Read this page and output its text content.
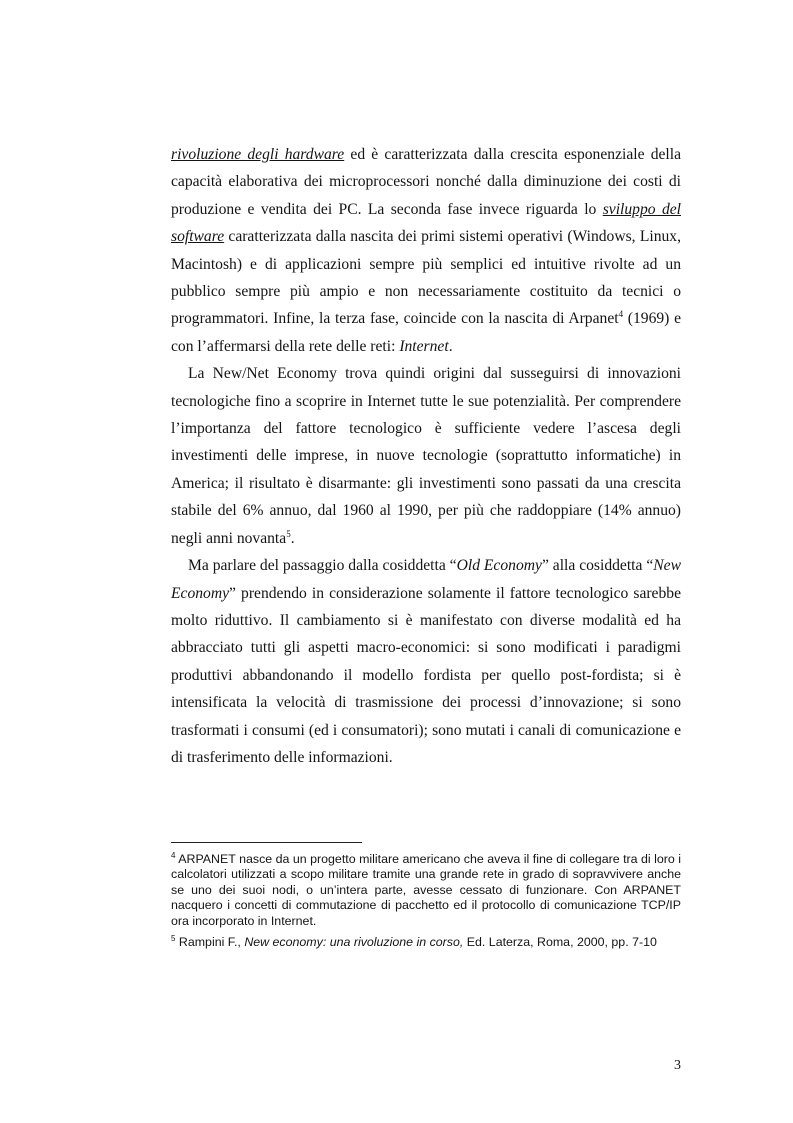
rivoluzione degli hardware ed è caratterizzata dalla crescita esponenziale della capacità elaborativa dei microprocessori nonché dalla diminuzione dei costi di produzione e vendita dei PC. La seconda fase invece riguarda lo sviluppo del software caratterizzata dalla nascita dei primi sistemi operativi (Windows, Linux, Macintosh) e di applicazioni sempre più semplici ed intuitive rivolte ad un pubblico sempre più ampio e non necessariamente costituito da tecnici o programmatori. Infine, la terza fase, coincide con la nascita di Arpanet$^4$ (1969) e con l’affermarsi della rete delle reti: Internet.

La New/Net Economy trova quindi origini dal susseguirsi di innovazioni tecnologiche fino a scoprire in Internet tutte le sue potenzialità. Per comprendere l’importanza del fattore tecnologico è sufficiente vedere l’ascesa degli investimenti delle imprese, in nuove tecnologie (soprattutto informatiche) in America; il risultato è disarmante: gli investimenti sono passati da una crescita stabile del 6% annuo, dal 1960 al 1990, per più che raddoppiare (14% annuo) negli anni novanta$^5$.

Ma parlare del passaggio dalla cosiddetta “Old Economy” alla cosiddetta “New Economy” prendendo in considerazione solamente il fattore tecnologico sarebbe molto riduttivo. Il cambiamento si è manifestato con diverse modalità ed ha abbracciato tutti gli aspetti macro-economici: si sono modificati i paradigmi produttivi abbandonando il modello fordista per quello post-fordista; si è intensificata la velocità di trasmissione dei processi d’innovazione; si sono trasformati i consumi (ed i consumatori); sono mutati i canali di comunicazione e di trasferimento delle informazioni.

$^4$ ARPANET nasce da un progetto militare americano che aveva il fine di collegare tra di loro i calcolatori utilizzati a scopo militare tramite una grande rete in grado di sopravvivere anche se uno dei suoi nodi, o un’intera parte, avesse cessato di funzionare. Con ARPANET nacquero i concetti di commutazione di pacchetto ed il protocollo di comunicazione TCP/IP ora incorporato in Internet.

$^5$ Rampini F., New economy: una rivoluzione in corso, Ed. Laterza, Roma, 2000, pp. 7-10

3
